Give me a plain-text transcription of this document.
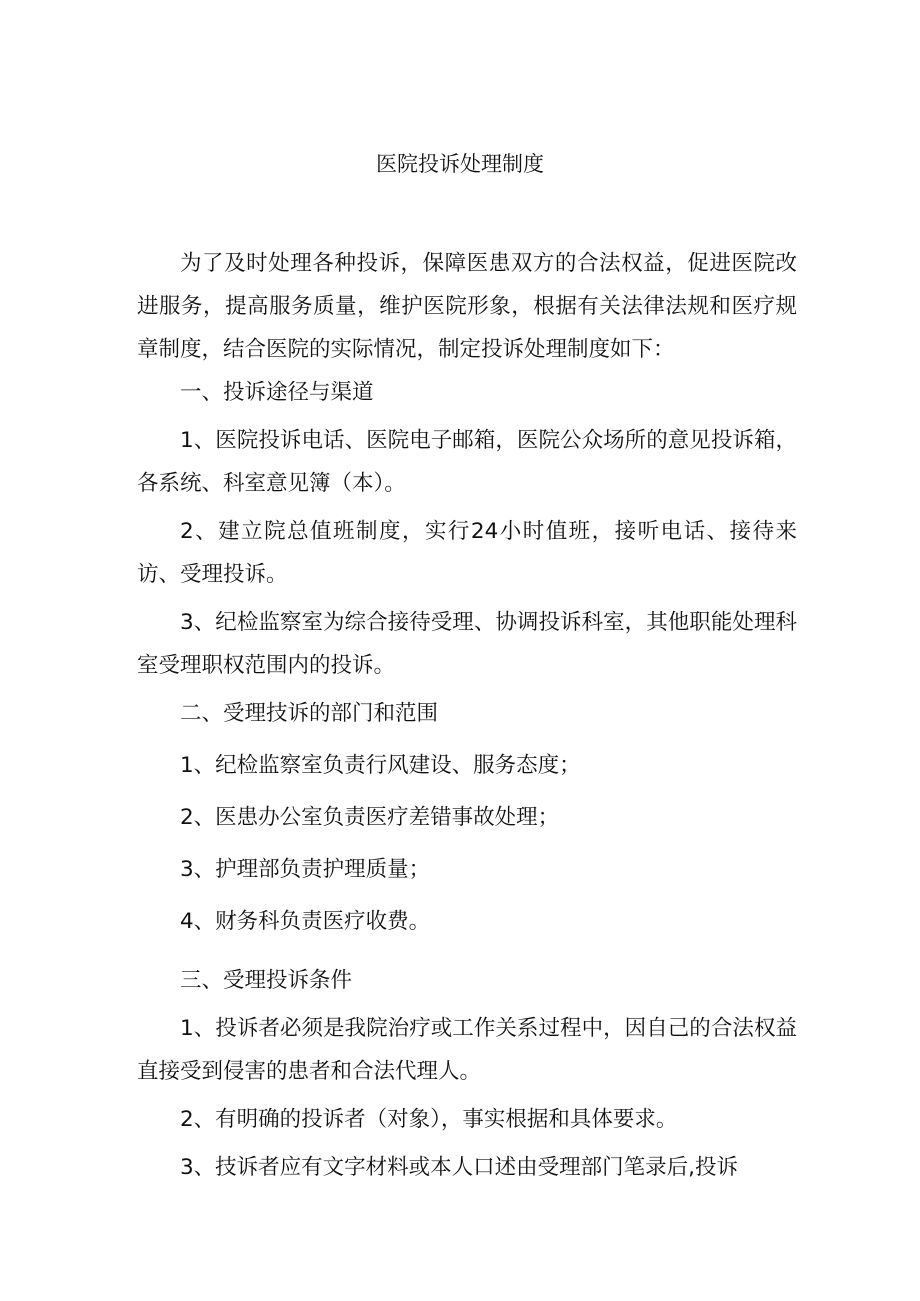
医院投诉处理制度

为了及时处理各种投诉，保障医患双方的合法权益，促进医院改进服务，提高服务质量，维护医院形象，根据有关法律法规和医疗规章制度，结合医院的实际情况，制定投诉处理制度如下：

一、投诉途径与渠道

1、医院投诉电话、医院电子邮箱，医院公众场所的意见投诉箱，各系统、科室意见簿（本）。

2、建立院总值班制度，实行24小时值班，接听电话、接待来访、受理投诉。

3、纪检监察室为综合接待受理、协调投诉科室，其他职能处理科室受理职权范围内的投诉。

二、受理技诉的部门和范围

1、纪检监察室负责行风建设、服务态度；

2、医患办公室负责医疗差错事故处理；

3、护理部负责护理质量；

4、财务科负责医疗收费。

三、受理投诉条件

1、投诉者必须是我院治疗或工作关系过程中，因自己的合法权益直接受到侵害的患者和合法代理人。

2、有明确的投诉者（对象），事实根据和具体要求。

3、技诉者应有文字材料或本人口述由受理部门笔录后,投诉
